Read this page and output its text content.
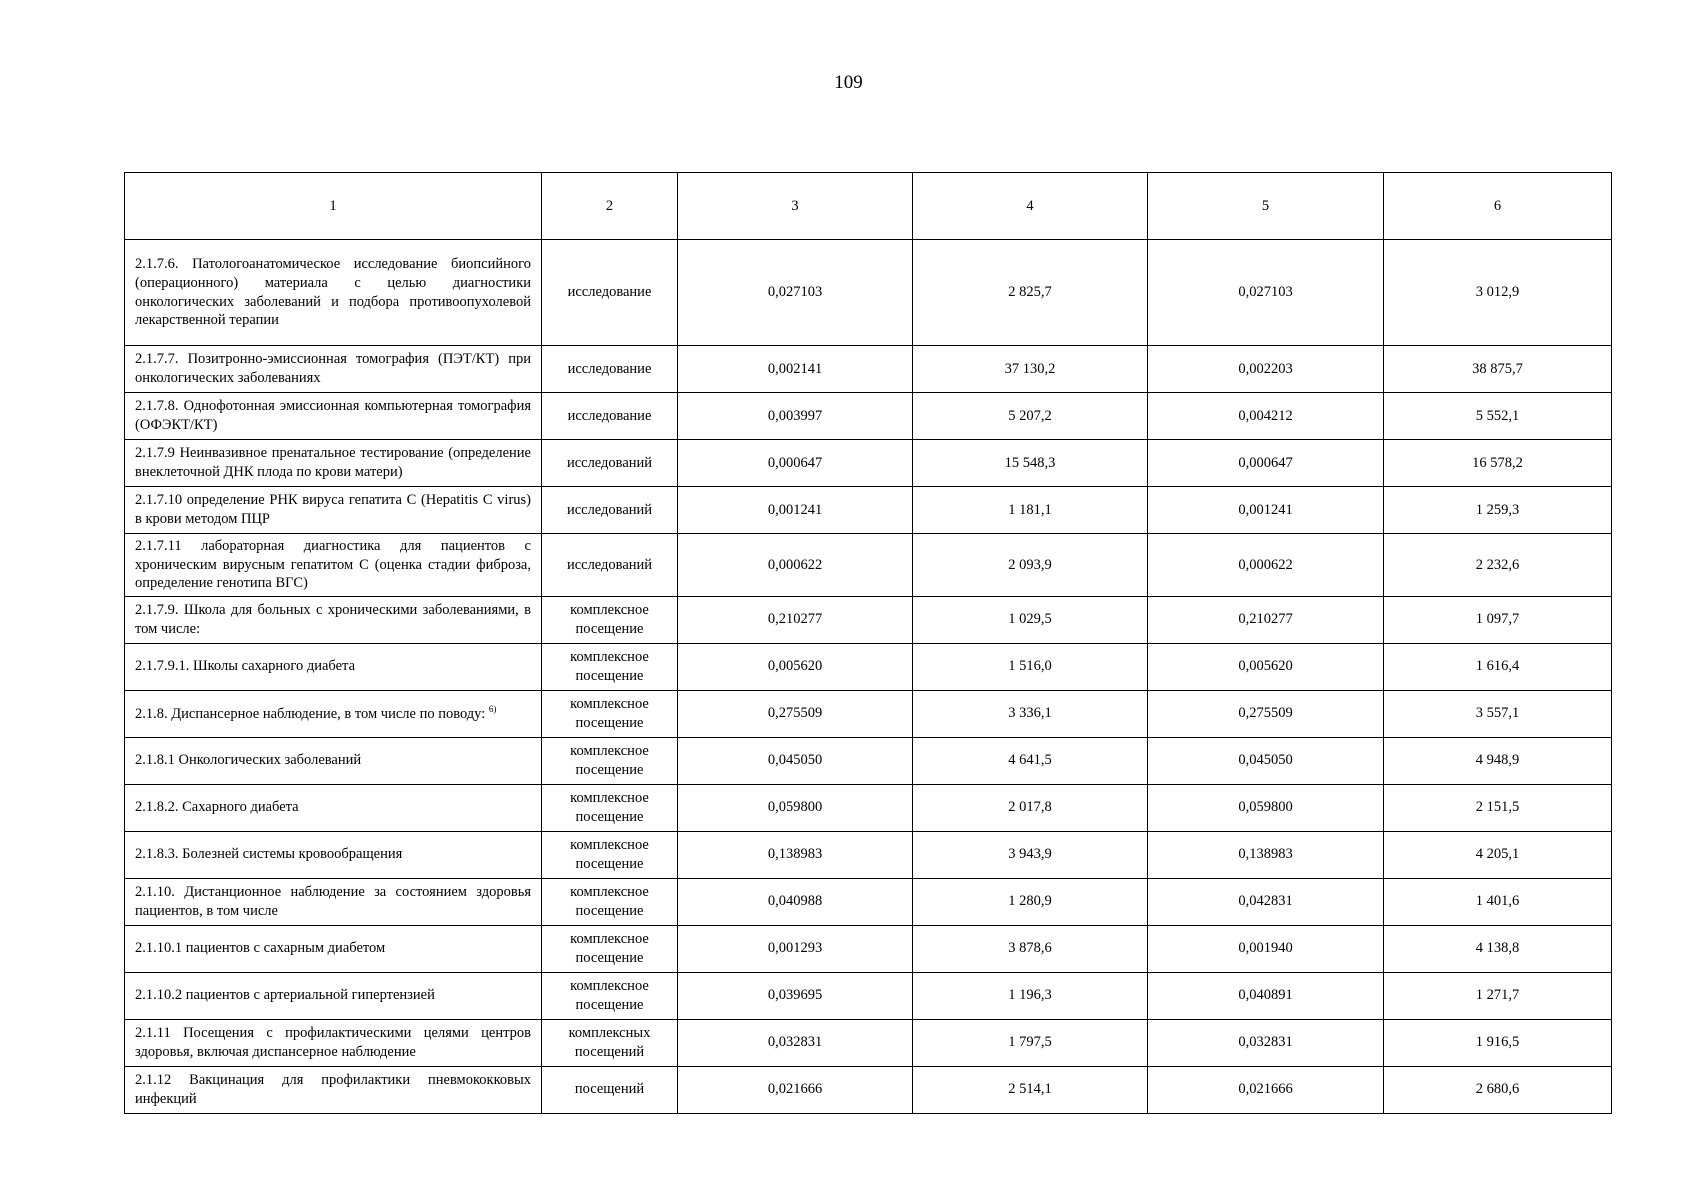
109
1	2	3	4	5	6
2.1.7.6. Патологоанатомическое исследование биопсийного (операционного) материала с целью диагностики онкологических заболеваний и подбора противоопухолевой лекарственной терапии	исследование	0,027103	2 825,7	0,027103	3 012,9
2.1.7.7. Позитронно-эмиссионная томография (ПЭТ/КТ) при онкологических заболеваниях	исследование	0,002141	37 130,2	0,002203	38 875,7
2.1.7.8. Однофотонная эмиссионная компьютерная томография (ОФЭКТ/КТ)	исследование	0,003997	5 207,2	0,004212	5 552,1
2.1.7.9 Неинвазивное пренатальное тестирование (определение внеклеточной ДНК плода по крови матери)	исследований	0,000647	15 548,3	0,000647	16 578,2
2.1.7.10 определение РНК вируса гепатита C (Hepatitis C virus) в крови методом ПЦР	исследований	0,001241	1 181,1	0,001241	1 259,3
2.1.7.11 лабораторная диагностика для пациентов с хроническим вирусным гепатитом C (оценка стадии фиброза, определение генотипа ВГС)	исследований	0,000622	2 093,9	0,000622	2 232,6
2.1.7.9. Школа для больных с хроническими заболеваниями, в том числе:	комплексное посещение	0,210277	1 029,5	0,210277	1 097,7
2.1.7.9.1. Школы сахарного диабета	комплексное посещение	0,005620	1 516,0	0,005620	1 616,4
2.1.8. Диспансерное наблюдение, в том числе по поводу: $^{6)}$	комплексное посещение	0,275509	3 336,1	0,275509	3 557,1
2.1.8.1 Онкологических заболеваний	комплексное посещение	0,045050	4 641,5	0,045050	4 948,9
2.1.8.2. Сахарного диабета	комплексное посещение	0,059800	2 017,8	0,059800	2 151,5
2.1.8.3. Болезней системы кровообращения	комплексное посещение	0,138983	3 943,9	0,138983	4 205,1
2.1.10. Дистанционное наблюдение за состоянием здоровья пациентов, в том числе	комплексное посещение	0,040988	1 280,9	0,042831	1 401,6
2.1.10.1 пациентов с сахарным диабетом	комплексное посещение	0,001293	3 878,6	0,001940	4 138,8
2.1.10.2 пациентов с артериальной гипертензией	комплексное посещение	0,039695	1 196,3	0,040891	1 271,7
2.1.11 Посещения с профилактическими целями центров здоровья, включая диспансерное наблюдение	комплексных посещений	0,032831	1 797,5	0,032831	1 916,5
2.1.12 Вакцинация для профилактики пневмококковых инфекций	посещений	0,021666	2 514,1	0,021666	2 680,6
